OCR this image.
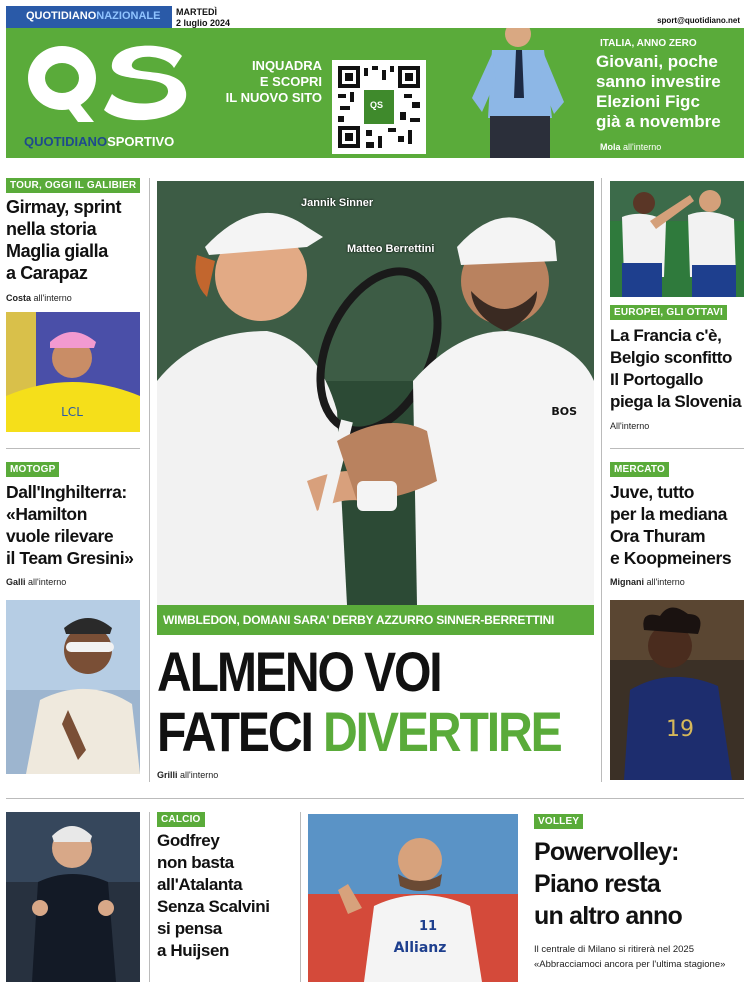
QUOTIDIANONAZIONALE	MARTEDÌ
2 luglio 2024	sport@quotidiano.net
QUOTIDIANOSPORTIVO
INQUADRA
E SCOPRI
IL NUOVO SITO	QS
ITALIA, ANNO ZERO
Giovani, poche
sanno investire
Elezioni Figc
già a novembre
Mola all'interno
TOUR, OGGI IL GALIBIER
Girmay, sprint
nella storia
Maglia gialla
a Carapaz
Costa all'interno
LCL
MOTOGP
Dall'Inghilterra:
«Hamilton
vuole rilevare
il Team Gresini»
Galli all'interno
BOS
Jannik Sinner
Matteo Berrettini
WIMBLEDON, DOMANI SARA' DERBY AZZURRO SINNER-BERRETTINI
ALMENO VOI
FATECI DIVERTIRE
Grilli all'interno
EUROPEI, GLI OTTAVI
La Francia c'è,
Belgio sconfitto
Il Portogallo
piega la Slovenia
All'interno
MERCATO
Juve, tutto
per la mediana
Ora Thuram
e Koopmeiners
Mignani all'interno
19
CALCIO
Godfrey
non basta
all'Atalanta
Senza Scalvini
si pensa
a Huijsen
11
Allianz
VOLLEY
Powervolley:
Piano resta
un altro anno
Il centrale di Milano si ritirerà nel 2025
«Abbracciamoci ancora per l'ultima stagione»
